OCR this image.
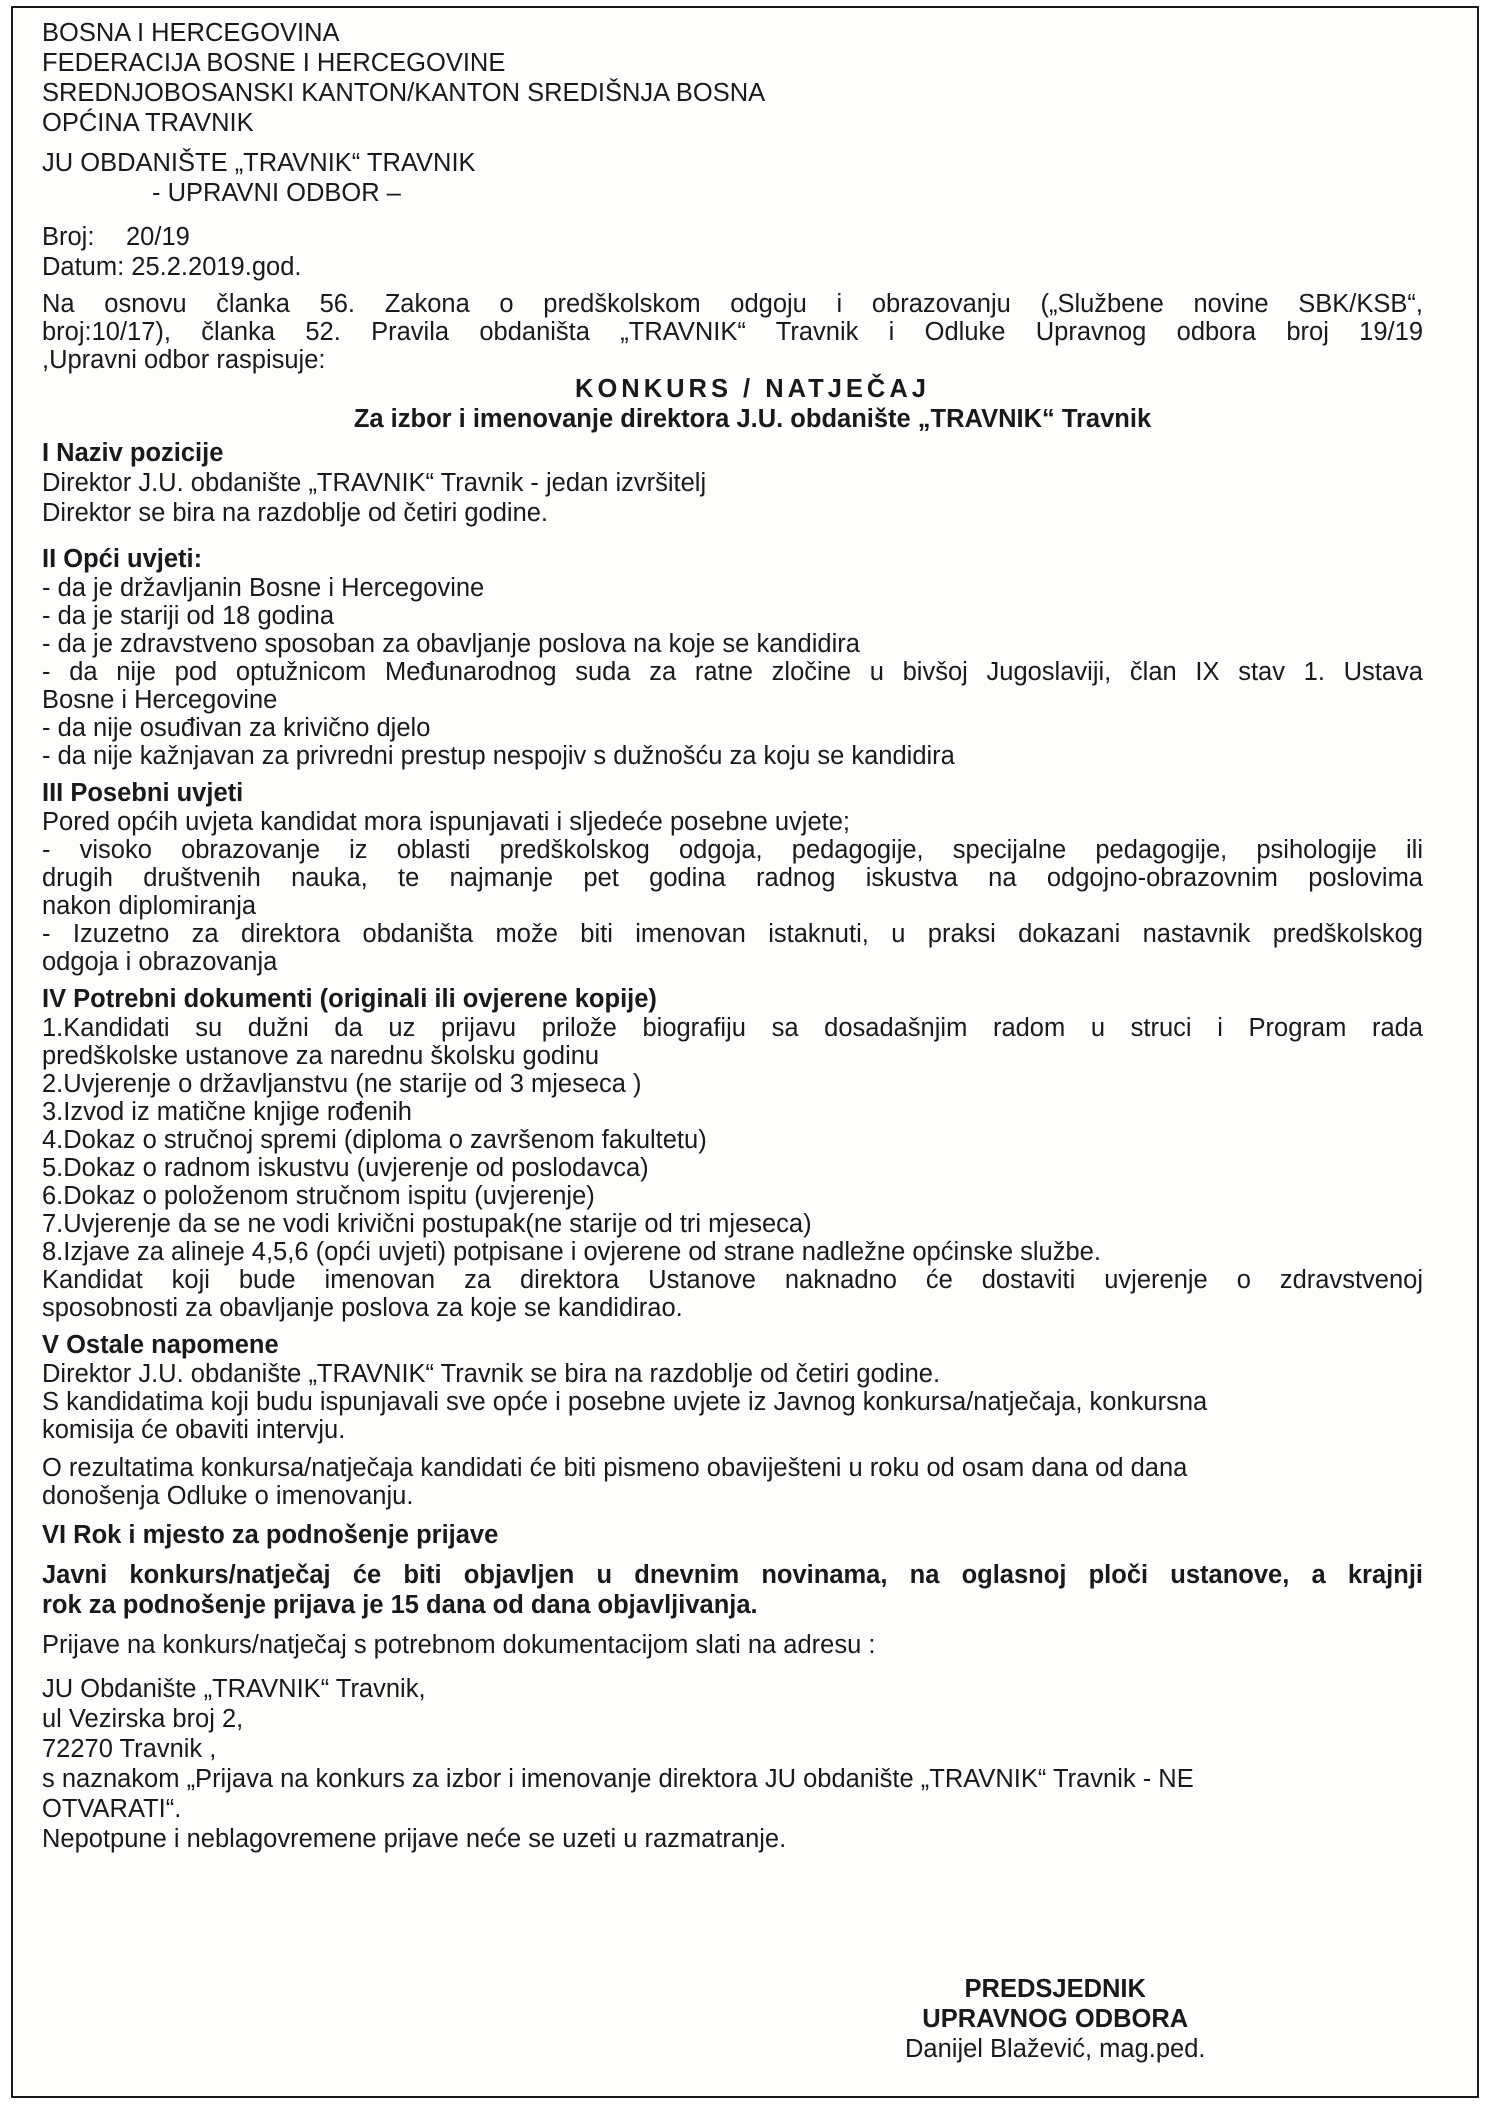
BOSNA I HERCEGOVINA
FEDERACIJA BOSNE I HERCEGOVINE
SREDNJOBOSANSKI KANTON/KANTON SREDIŠNJA BOSNA
OPĆINA TRAVNIK
JU OBDANIŠTE „TRAVNIK“ TRAVNIK
- UPRAVNI ODBOR –
Broj:	20/19
Datum:
25.2.2019.god.
Na osnovu članka 56. Zakona o predškolskom odgoju i obrazovanju („Službene novine SBK/KSB“,
broj:10/17), članka 52. Pravila obdaništa „TRAVNIK“ Travnik i Odluke Upravnog odbora broj 19/19
,Upravni odbor raspisuje:
KONKURS / NATJEČAJ
Za izbor i imenovanje direktora J.U. obdanište „TRAVNIK“ Travnik
I Naziv pozicije
Direktor J.U. obdanište „TRAVNIK“ Travnik - jedan izvršitelj
Direktor se bira na razdoblje od četiri godine.
II Opći uvjeti:
- da je državljanin Bosne i Hercegovine
- da je stariji od 18 godina
- da je zdravstveno sposoban za obavljanje poslova na koje se kandidira
- da nije pod optužnicom Međunarodnog suda za ratne zločine u bivšoj Jugoslaviji, član IX stav 1. Ustava
Bosne i Hercegovine
- da nije osuđivan za krivično djelo
- da nije kažnjavan za privredni prestup nespojiv s dužnošću za koju se kandidira
III Posebni uvjeti
Pored općih uvjeta kandidat mora ispunjavati i sljedeće posebne uvjete;
- visoko obrazovanje iz oblasti predškolskog odgoja, pedagogije, specijalne pedagogije, psihologije ili
drugih društvenih nauka, te najmanje pet godina radnog iskustva na odgojno-obrazovnim poslovima
nakon diplomiranja
- Izuzetno za direktora obdaništa može biti imenovan istaknuti, u praksi dokazani nastavnik predškolskog
odgoja i obrazovanja
IV Potrebni dokumenti (originali ili ovjerene kopije)
1.Kandidati su dužni da uz prijavu prilože biografiju sa dosadašnjim radom u struci i Program rada
predškolske ustanove za narednu školsku godinu
2.Uvjerenje o državljanstvu (ne starije od 3 mjeseca )
3.Izvod iz matične knjige rođenih
4.Dokaz o stručnoj spremi (diploma o završenom fakultetu)
5.Dokaz o radnom iskustvu (uvjerenje od poslodavca)
6.Dokaz o položenom stručnom ispitu (uvjerenje)
7.Uvjerenje da se ne vodi krivični postupak(ne starije od tri mjeseca)
8.Izjave za alineje 4,5,6 (opći uvjeti) potpisane i ovjerene od strane nadležne općinske službe.
Kandidat koji bude imenovan za direktora Ustanove naknadno će dostaviti uvjerenje o zdravstvenoj
sposobnosti za obavljanje poslova za koje se kandidirao.
V Ostale napomene
Direktor J.U. obdanište „TRAVNIK“ Travnik se bira na razdoblje od četiri godine.
S kandidatima koji budu ispunjavali sve opće i posebne uvjete iz Javnog konkursa/natječaja, konkursna
komisija će obaviti intervju.
O rezultatima konkursa/natječaja kandidati će biti pismeno obaviješteni u roku od osam dana od dana
donošenja Odluke o imenovanju.
VI Rok i mjesto za podnošenje prijave
Javni konkurs/natječaj će biti objavljen u dnevnim novinama, na oglasnoj ploči ustanove, a krajnji
rok za podnošenje prijava je 15 dana od dana objavljivanja.
Prijave na konkurs/natječaj s potrebnom dokumentacijom slati na adresu :
JU Obdanište „TRAVNIK“ Travnik,
ul Vezirska broj 2,
72270 Travnik ,
s naznakom „Prijava na konkurs za izbor i imenovanje direktora JU obdanište „TRAVNIK“ Travnik - NE
OTVARATI“.
Nepotpune i neblagovremene prijave neće se uzeti u razmatranje.
PREDSJEDNIK
UPRAVNOG ODBORA
Danijel Blažević, mag.ped.
